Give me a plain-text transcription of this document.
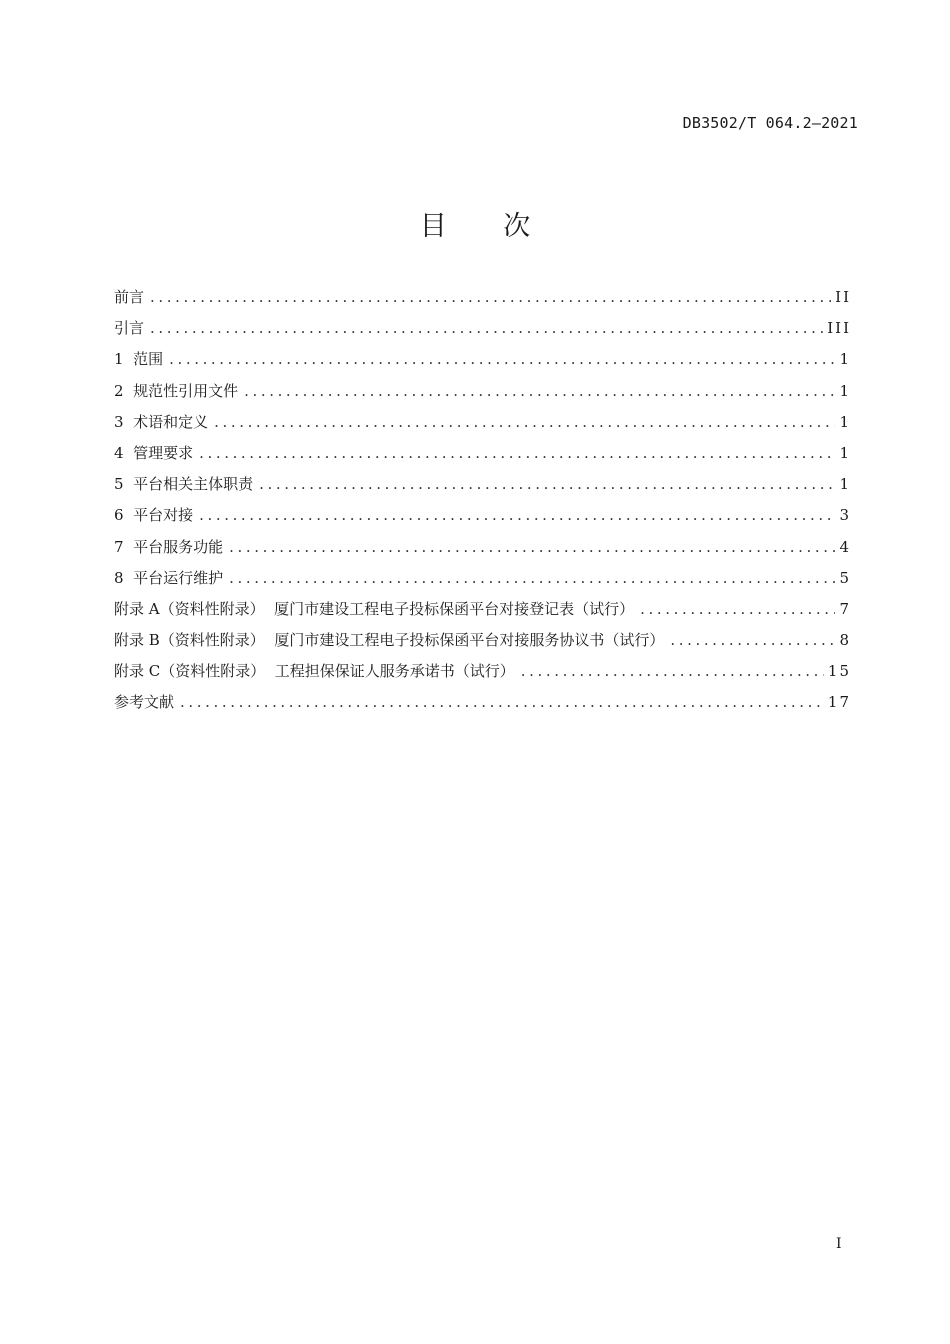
DB3502/T 064.2—2021
目 次
前言 .....	II
引言 .....	III
1  范围 .....	1
2  规范性引用文件 .....	1
3  术语和定义 .....	1
4  管理要求 .....	1
5  平台相关主体职责 .....	1
6  平台对接 .....	3
7  平台服务功能 .....	4
8  平台运行维护 .....	5
附录 A（资料性附录）  厦门市建设工程电子投标保函平台对接登记表（试行） .....	7
附录 B（资料性附录）  厦门市建设工程电子投标保函平台对接服务协议书（试行） .....	8
附录 C（资料性附录）  工程担保保证人服务承诺书（试行） .....	15
参考文献 .....	17
I
